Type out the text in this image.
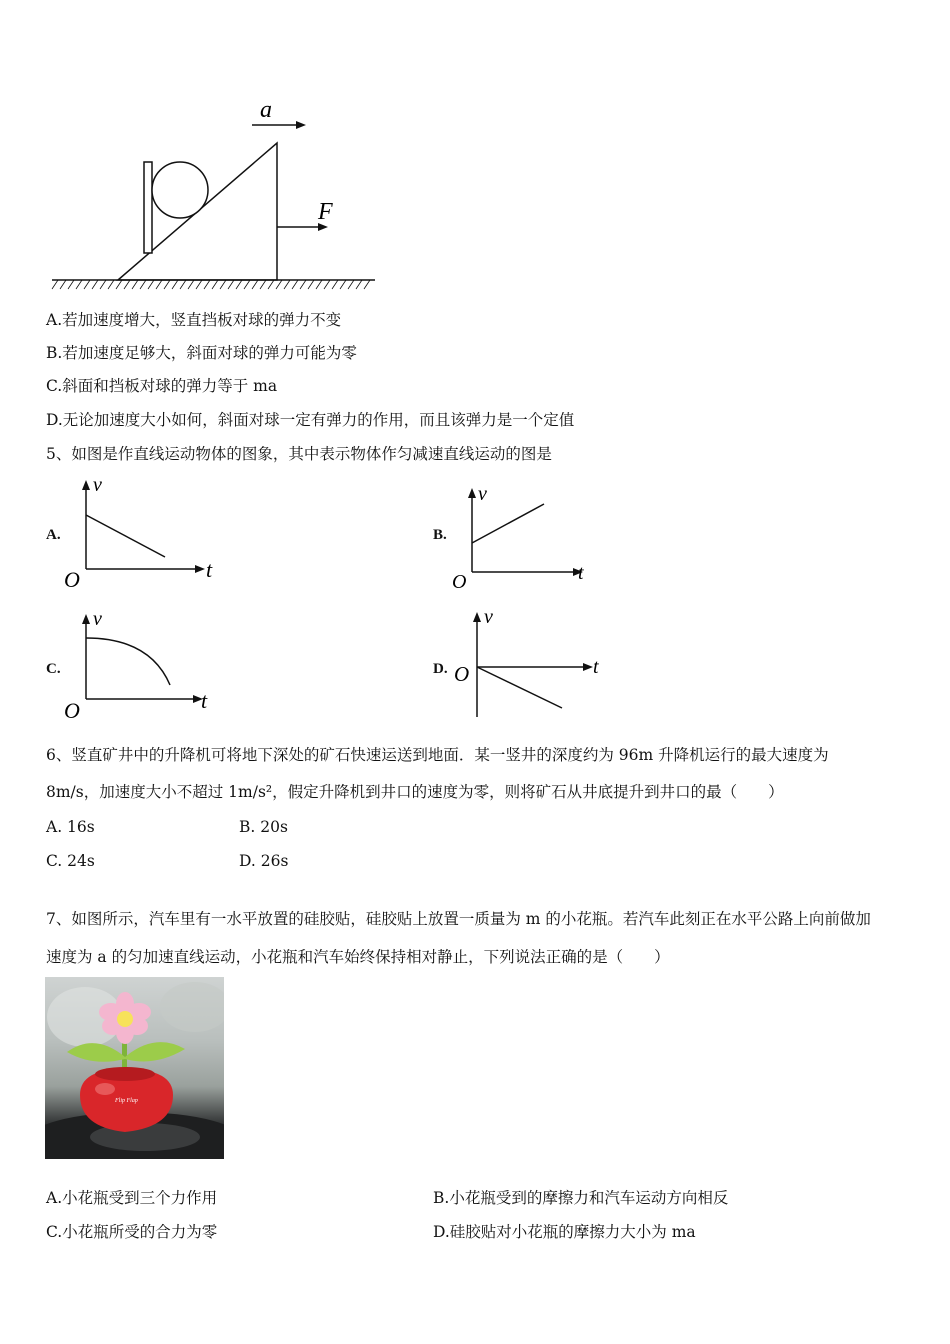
a
F
A.若加速度增大，竖直挡板对球的弹力不变
B.若加速度足够大，斜面对球的弹力可能为零
C.斜面和挡板对球的弹力等于 ma
D.无论加速度大小如何，斜面对球一定有弹力的作用，而且该弹力是一个定值
5、如图是作直线运动物体的图象，其中表示物体作匀减速直线运动的图是
A.
v
t
O
B.
v
t
O
C.
v
t
O
D.
v
t
O
6、竖直矿井中的升降机可将地下深处的矿石快速运送到地面．某一竖井的深度约为 96m 升降机运行的最大速度为
8m/s，加速度大小不超过 1m/s²，假定升降机到井口的速度为零，则将矿石从井底提升到井口的最（　　）
A. 16s	B. 20s
C. 24s	D. 26s
7、如图所示，汽车里有一水平放置的硅胶贴，硅胶贴上放置一质量为 m 的小花瓶。若汽车此刻正在水平公路上向前做加
速度为 a 的匀加速直线运动，小花瓶和汽车始终保持相对静止，下列说法正确的是（　　）
Flip Flap
A.小花瓶受到三个力作用	B.小花瓶受到的摩擦力和汽车运动方向相反
C.小花瓶所受的合力为零	D.硅胶贴对小花瓶的摩擦力大小为 ma
